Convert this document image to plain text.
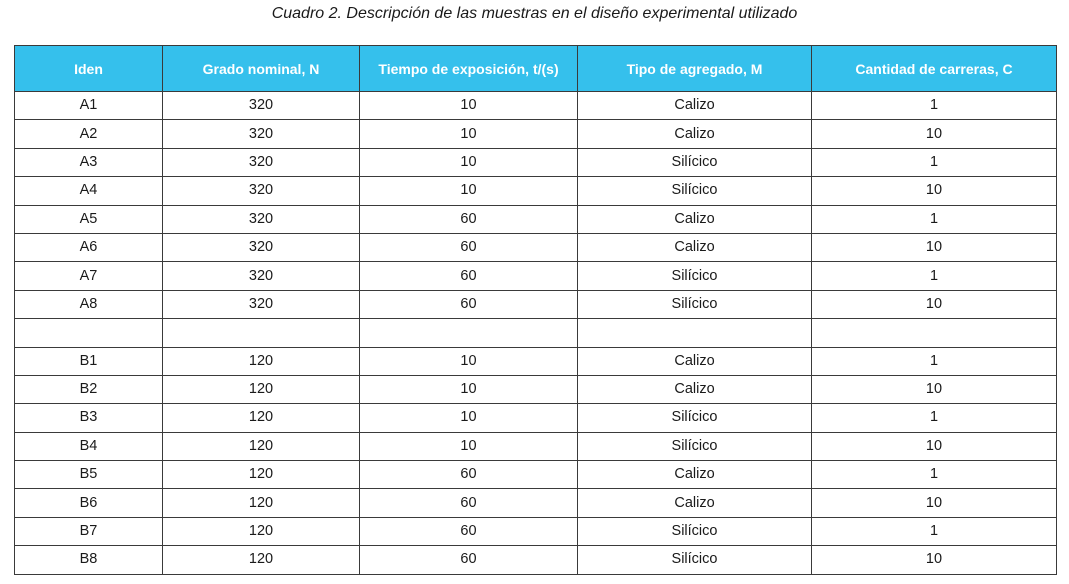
Cuadro 2. Descripción de las muestras en el diseño experimental utilizado
Iden	Grado nominal, N	Tiempo de exposición, t/(s)	Tipo de agregado, M	Cantidad de carreras, C
A1	320	10	Calizo	1
A2	320	10	Calizo	10
A3	320	10	Silícico	1
A4	320	10	Silícico	10
A5	320	60	Calizo	1
A6	320	60	Calizo	10
A7	320	60	Silícico	1
A8	320	60	Silícico	10

B1	120	10	Calizo	1
B2	120	10	Calizo	10
B3	120	10	Silícico	1
B4	120	10	Silícico	10
B5	120	60	Calizo	1
B6	120	60	Calizo	10
B7	120	60	Silícico	1
B8	120	60	Silícico	10
